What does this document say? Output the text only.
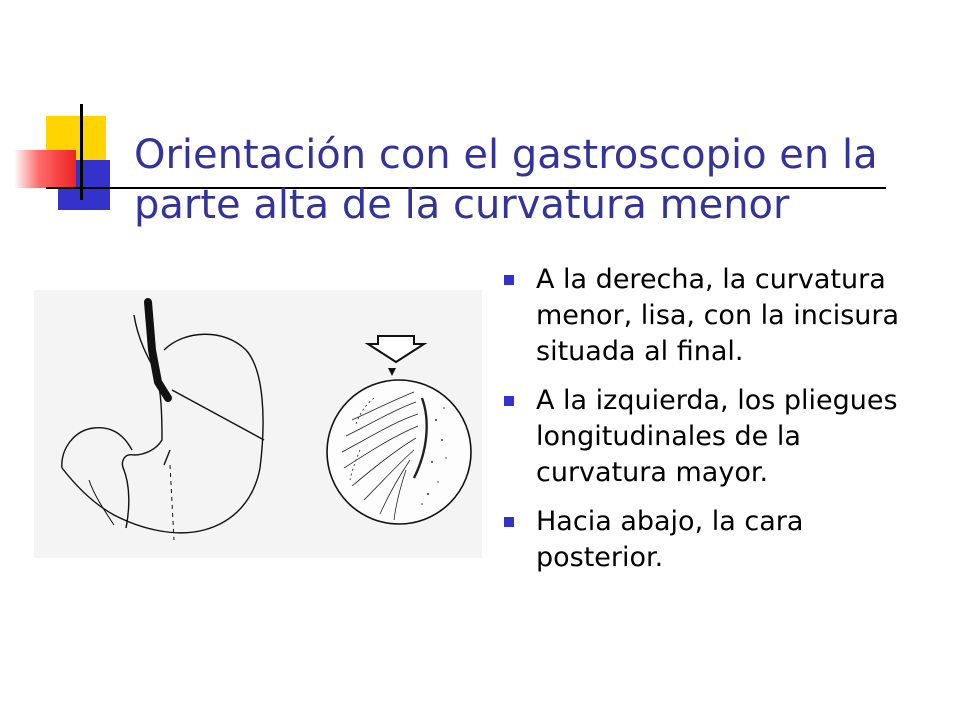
Orientación con el gastroscopio en la parte alta de la curvatura menor
A la derecha, la curvatura menor, lisa, con la incisura situada al final.
A la izquierda, los pliegues longitudinales de la curvatura mayor.
Hacia abajo, la cara posterior.
